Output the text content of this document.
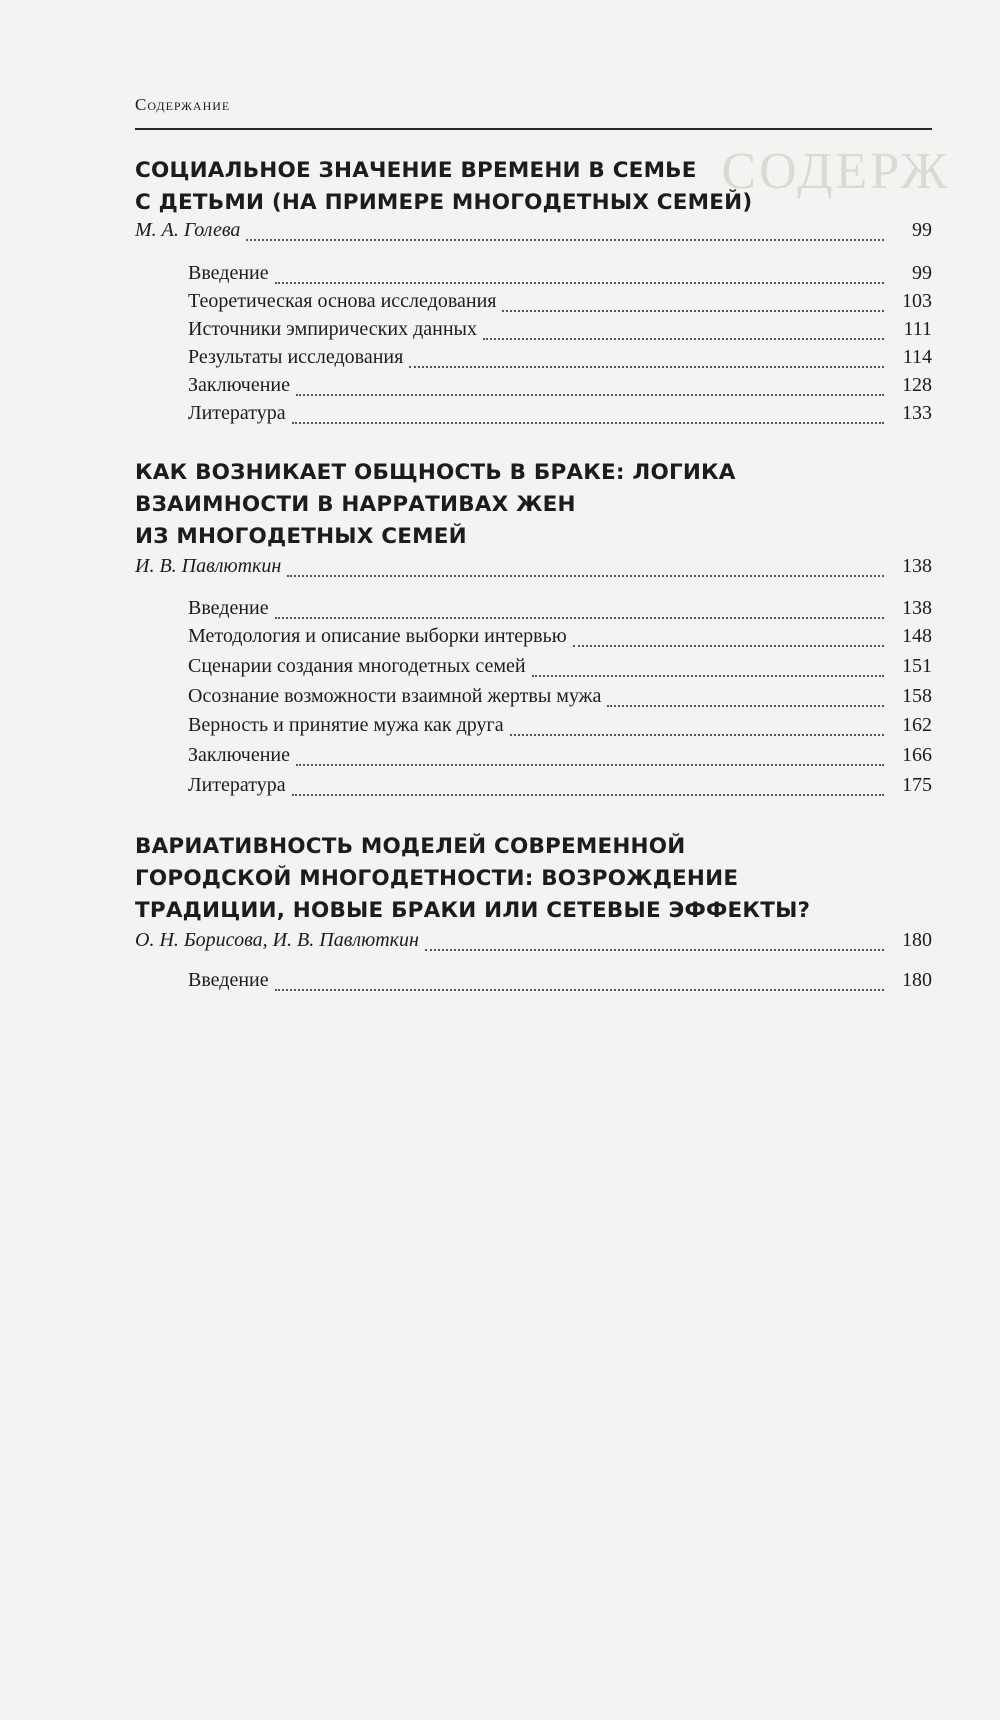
СОДЕРЖ
Содержание
СОЦИАЛЬНОЕ ЗНАЧЕНИЕ ВРЕМЕНИ В СЕМЬЕ
С ДЕТЬМИ (НА ПРИМЕРЕ МНОГОДЕТНЫХ СЕМЕЙ)
М. А. Голева	99
Введение	99
Теоретическая основа исследования	103
Источники эмпирических данных	111
Результаты исследования	114
Заключение	128
Литература	133
КАК ВОЗНИКАЕТ ОБЩНОСТЬ В БРАКЕ: ЛОГИКА
ВЗАИМНОСТИ В НАРРАТИВАХ ЖЕН
ИЗ МНОГОДЕТНЫХ СЕМЕЙ
И. В. Павлюткин	138
Введение	138
Методология и описание выборки интервью	148
Сценарии создания многодетных семей	151
Осознание возможности взаимной жертвы мужа	158
Верность и принятие мужа как друга	162
Заключение	166
Литература	175
ВАРИАТИВНОСТЬ МОДЕЛЕЙ СОВРЕМЕННОЙ
ГОРОДСКОЙ МНОГОДЕТНОСТИ: ВОЗРОЖДЕНИЕ
ТРАДИЦИИ, НОВЫЕ БРАКИ ИЛИ СЕТЕВЫЕ ЭФФЕКТЫ?
О. Н. Борисова, И. В. Павлюткин	180
Введение	180
